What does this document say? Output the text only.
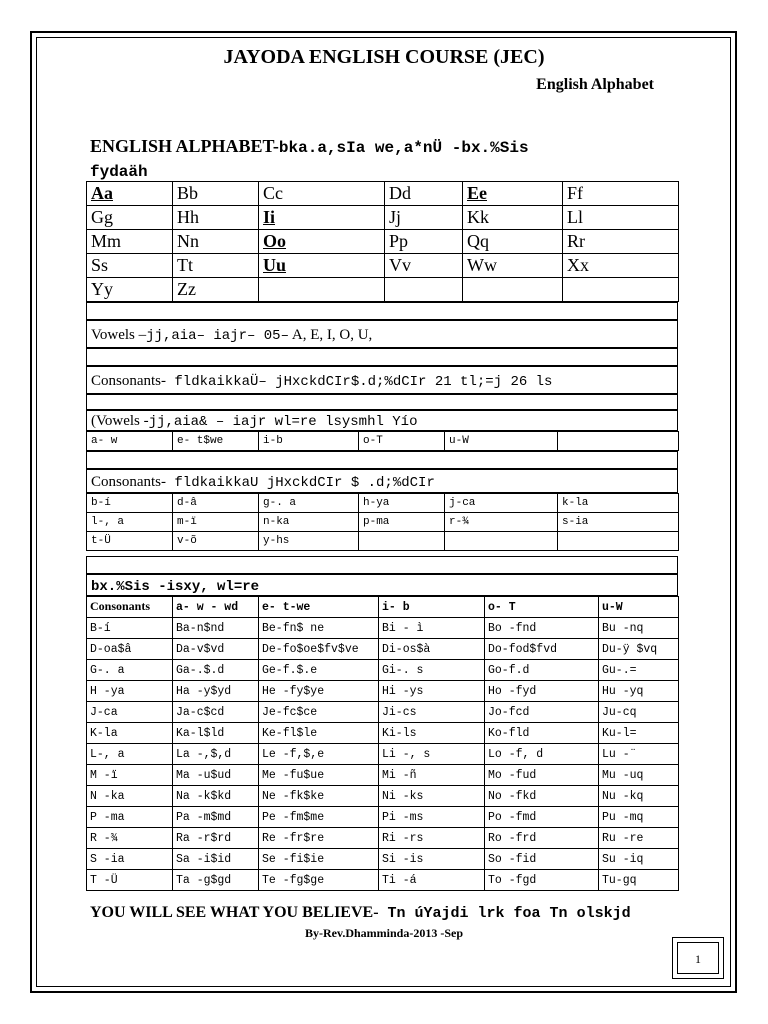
JAYODA ENGLISH COURSE (JEC)
English Alphabet
ENGLISH ALPHABET-bka.a,sIa we,a*nÜ -bx.%Sis
fydaäh
Aa	Bb	Cc	Dd	Ee	Ff
Gg	Hh	Ii	Jj	Kk	Ll
Mm	Nn	Oo	Pp	Qq	Rr
Ss	Tt	Uu	Vv	Ww	Xx
Yy	Zz				
Vowels –jj,aia– iajr– 05– A, E, I, O, U,
Consonants- fldkaikkaÜ– jHxckdCIr$.d;%dCIr 21 tl;=j 26 ls
(Vowels -jj,aia& – iajr wl=re lsysmhl Yío
a- w	e- t$we	i-b	o-T	u-W	
Consonants- fldkaikkaU jHxckdCIr $ .d;%dCIr
b-í	d-â	g-. a	h-ya	j-ca	k-la
l-, a	m-ï	n-ka	p-ma	r-¾	s-ia
t-Ü	v-õ	y-hs			
bx.%Sis -isxy, wl=re
Consonants	a- w - wd	e- t-we	i- b	o- T	u-W
B-í	Ba-n$nd	Be-fn$ ne	Bi - ì	Bo -fnd	Bu -nq
D-oa$â	Da-v$vd	De-fo$oe$fv$ve	Di-os$à	Do-fod$fvd	Du-ÿ $vq
G-. a	Ga-.$.d	Ge-f.$.e	Gi-. s	Go-f.d	Gu-.=
H -ya	Ha -y$yd	He -fy$ye	Hi -ys	Ho -fyd	Hu -yq
J-ca	Ja-c$cd	Je-fc$ce	Ji-cs	Jo-fcd	Ju-cq
K-la	Ka-l$ld	Ke-fl$le	Ki-ls	Ko-fld	Ku-l=
L-, a	La -,$,d	Le -f,$,e	Li -, s	Lo -f, d	Lu -¨
M -ï	Ma -u$ud	Me -fu$ue	Mi -ñ	Mo -fud	Mu -uq
N -ka	Na -k$kd	Ne -fk$ke	Ni -ks	No -fkd	Nu -kq
P -ma	Pa -m$md	Pe -fm$me	Pi -ms	Po -fmd	Pu -mq
R -¾	Ra -r$rd	Re -fr$re	Ri -rs	Ro -frd	Ru -re
S -ia	Sa -i$id	Se -fi$ie	Si -is	So -fid	Su -iq
T -Ü	Ta -g$gd	Te -fg$ge	Ti -á	To -fgd	Tu-gq
YOU WILL SEE WHAT YOU BELIEVE- Tn úYajdi lrk foa Tn olskjd
By-Rev.Dhamminda-2013 -Sep
1
